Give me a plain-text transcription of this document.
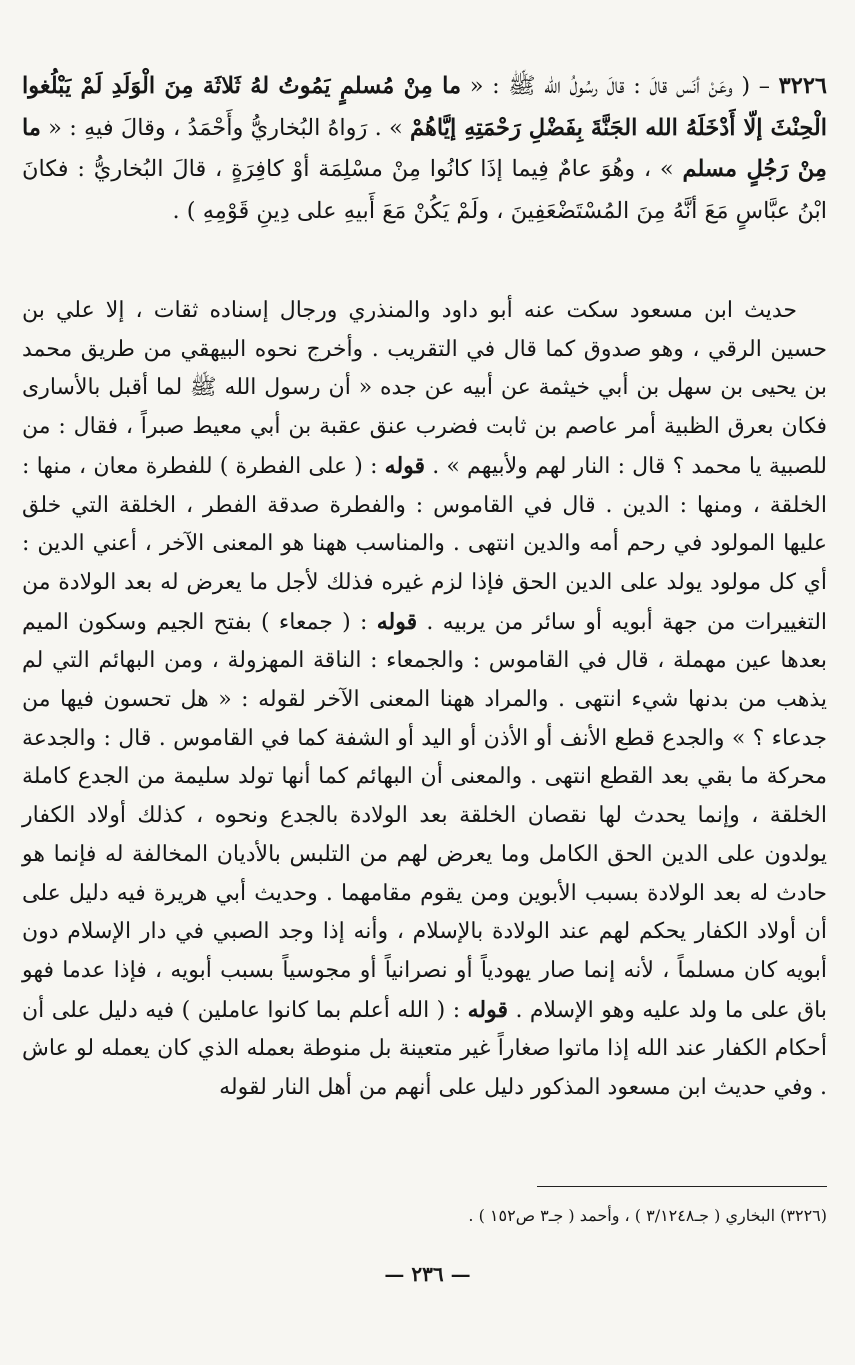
٣٢٢٦ – ( وعَنْ أنَس قالَ : قالَ رسُولُ الله ﷺ : « ما مِنْ مُسلمٍ يَمُوتُ لهُ ثَلاثَة مِنَ الْوَلَدِ لَمْ يَبْلُغوا الْحِنْثَ إلّا أَدْخَلَهُ الله الجَنَّةَ بِفَضْلِ رَحْمَتِهِ إيَّاهُمْ » . رَواهُ البُخاريُّ وأَحْمَدُ ، وقالَ فيهِ : « ما مِنْ رَجُلٍ مسلم » ، وهُوَ عامٌ فِيما إذَا كانُوا مِنْ مسْلِمَة أوْ كافِرَةٍ ، قالَ البُخاريُّ : فكانَ ابْنُ عبَّاسٍ مَعَ أنَّهُ مِنَ المُسْتَضْعَفِينَ ، ولَمْ يَكُنْ مَعَ أَبيهِ على دِينِ قَوْمِهِ ) .

حديث ابن مسعود سكت عنه أبو داود والمنذري ورجال إسناده ثقات ، إلا علي بن حسين الرقي ، وهو صدوق كما قال في التقريب . وأخرج نحوه البيهقي من طريق محمد بن يحيى بن سهل بن أبي خيثمة عن أبيه عن جده « أن رسول الله ﷺ لما أقبل بالأسارى فكان بعرق الظبية أمر عاصم بن ثابت فضرب عنق عقبة بن أبي معيط صبراً ، فقال : من للصبية يا محمد ؟ قال : النار لهم ولأبيهم » . قوله : ( على الفطرة ) للفطرة معان ، منها : الخلقة ، ومنها : الدين . قال في القاموس : والفطرة صدقة الفطر ، الخلقة التي خلق عليها المولود في رحم أمه والدين انتهى . والمناسب ههنا هو المعنى الآخر ، أعني الدين : أي كل مولود يولد على الدين الحق فإذا لزم غيره فذلك لأجل ما يعرض له بعد الولادة من التغييرات من جهة أبويه أو سائر من يربيه . قوله : ( جمعاء ) بفتح الجيم وسكون الميم بعدها عين مهملة ، قال في القاموس : والجمعاء : الناقة المهزولة ، ومن البهائم التي لم يذهب من بدنها شيء انتهى . والمراد ههنا المعنى الآخر لقوله : « هل تحسون فيها من جدعاء ؟ » والجدع قطع الأنف أو الأذن أو اليد أو الشفة كما في القاموس . قال : والجدعة محركة ما بقي بعد القطع انتهى . والمعنى أن البهائم كما أنها تولد سليمة من الجدع كاملة الخلقة ، وإنما يحدث لها نقصان الخلقة بعد الولادة بالجدع ونحوه ، كذلك أولاد الكفار يولدون على الدين الحق الكامل وما يعرض لهم من التلبس بالأديان المخالفة له فإنما هو حادث له بعد الولادة بسبب الأبوين ومن يقوم مقامهما . وحديث أبي هريرة فيه دليل على أن أولاد الكفار يحكم لهم عند الولادة بالإسلام ، وأنه إذا وجد الصبي في دار الإسلام دون أبويه كان مسلماً ، لأنه إنما صار يهودياً أو نصرانياً أو مجوسياً بسبب أبويه ، فإذا عدما فهو باق على ما ولد عليه وهو الإسلام . قوله : ( الله أعلم بما كانوا عاملين ) فيه دليل على أن أحكام الكفار عند الله إذا ماتوا صغاراً غير متعينة بل منوطة بعمله الذي كان يعمله لو عاش . وفي حديث ابن مسعود المذكور دليل على أنهم من أهل النار لقوله

(٣٢٢٦) البخاري ( جـ٣/١٢٤٨ ) ، وأحمد ( جـ٣ ص١٥٢ ) .
— ٢٣٦ —
